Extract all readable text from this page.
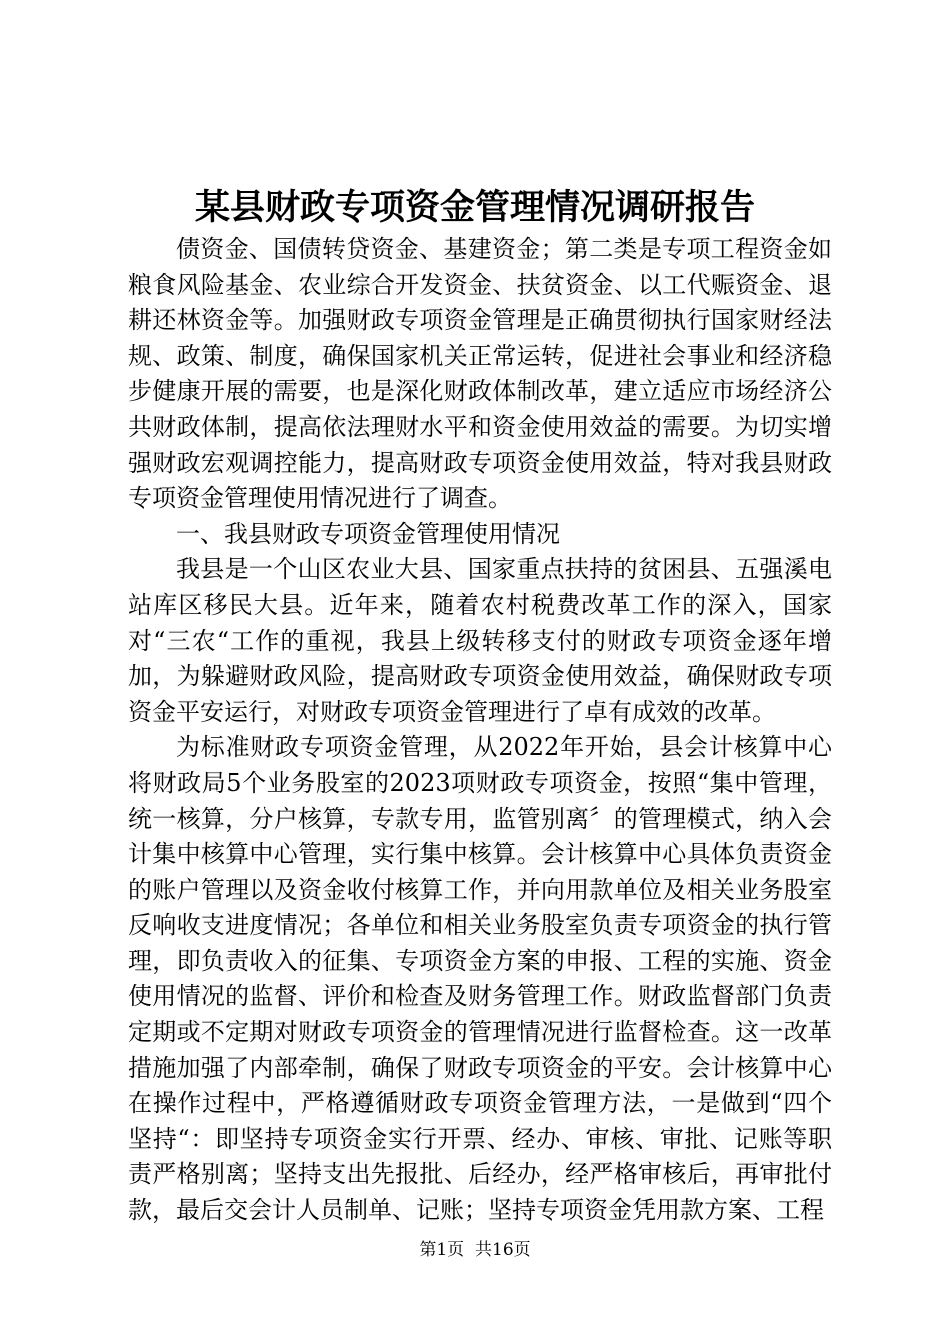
某县财政专项资金管理情况调研报告

债资金、国债转贷资金、基建资金；第二类是专项工程资金如粮食风险基金、农业综合开发资金、扶贫资金、以工代赈资金、退耕还林资金等。加强财政专项资金管理是正确贯彻执行国家财经法规、政策、制度，确保国家机关正常运转，促进社会事业和经济稳步健康开展的需要，也是深化财政体制改革，建立适应市场经济公共财政体制，提高依法理财水平和资金使用效益的需要。为切实增强财政宏观调控能力，提高财政专项资金使用效益，特对我县财政专项资金管理使用情况进行了调查。

一、我县财政专项资金管理使用情况

我县是一个山区农业大县、国家重点扶持的贫困县、五强溪电站库区移民大县。近年来，随着农村税费改革工作的深入，国家对“三农“工作的重视，我县上级转移支付的财政专项资金逐年增加，为躲避财政风险，提高财政专项资金使用效益，确保财政专项资金平安运行，对财政专项资金管理进行了卓有成效的改革。

为标准财政专项资金管理，从2022年开始，县会计核算中心将财政局5个业务股室的2023项财政专项资金，按照“集中管理，统一核算，分户核算，专款专用，监管别离〞的管理模式，纳入会计集中核算中心管理，实行集中核算。会计核算中心具体负责资金的账户管理以及资金收付核算工作，并向用款单位及相关业务股室反响收支进度情况；各单位和相关业务股室负责专项资金的执行管理，即负责收入的征集、专项资金方案的申报、工程的实施、资金使用情况的监督、评价和检查及财务管理工作。财政监督部门负责定期或不定期对财政专项资金的管理情况进行监督检查。这一改革措施加强了内部牵制，确保了财政专项资金的平安。会计核算中心在操作过程中，严格遵循财政专项资金管理方法，一是做到“四个坚持“：即坚持专项资金实行开票、经办、审核、审批、记账等职责严格别离；坚持支出先报批、后经办，经严格审核后，再审批付款，最后交会计人员制单、记账；坚持专项资金凭用款方案、工程

第1页 共16页
